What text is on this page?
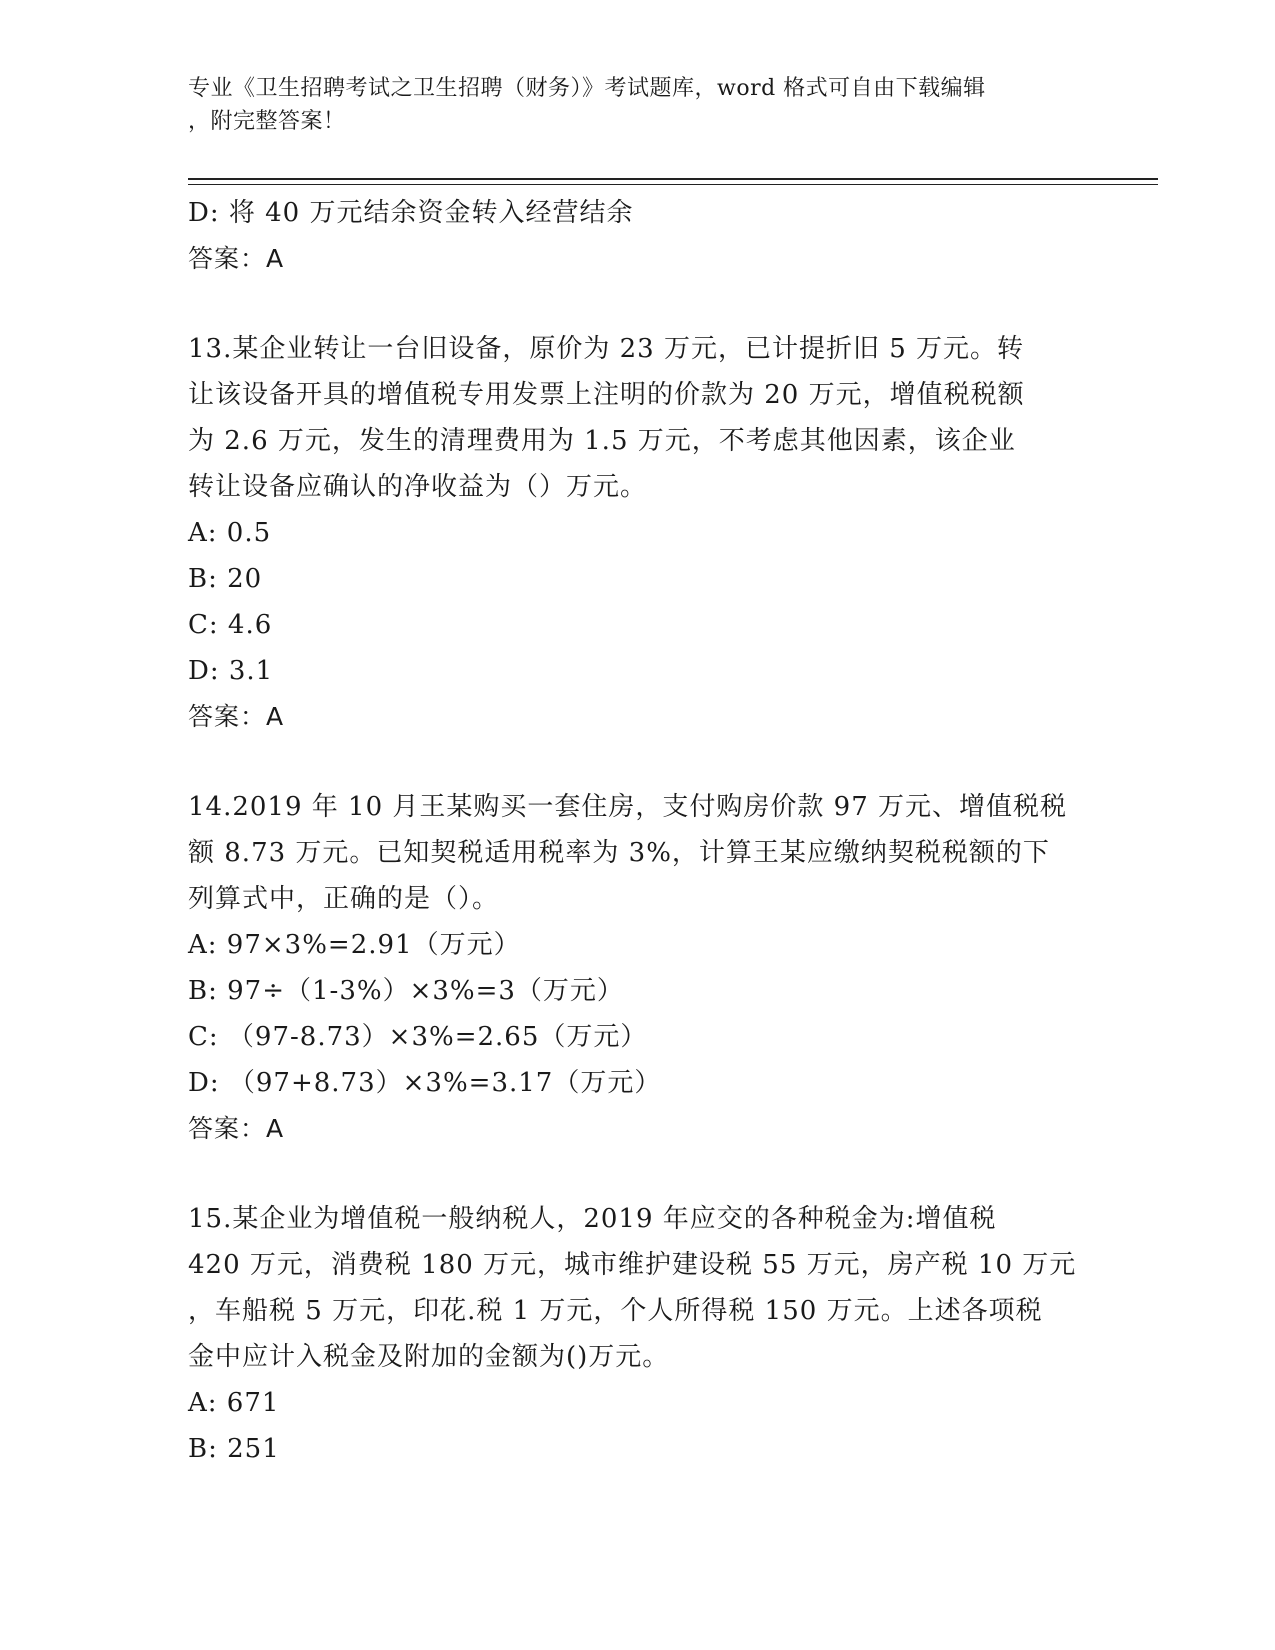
专业《卫生招聘考试之卫生招聘（财务）》考试题库，word 格式可自由下载编辑
，附完整答案！
D: 将 40 万元结余资金转入经营结余
答案：A
13.某企业转让一台旧设备，原价为 23 万元，已计提折旧 5 万元。转
让该设备开具的增值税专用发票上注明的价款为 20 万元，增值税税额
为 2.6 万元，发生的清理费用为 1.5 万元，不考虑其他因素，该企业
转让设备应确认的净收益为（）万元。
A: 0.5
B: 20
C: 4.6
D: 3.1
答案：A
14.2019 年 10 月王某购买一套住房，支付购房价款 97 万元、增值税税
额 8.73 万元。已知契税适用税率为 3%，计算王某应缴纳契税税额的下
列算式中，正确的是（）。
A: 97×3%=2.91（万元）
B: 97÷（1-3%）×3%=3（万元）
C: （97-8.73）×3%=2.65（万元）
D: （97+8.73）×3%=3.17（万元）
答案：A
15.某企业为增值税一般纳税人，2019 年应交的各种税金为:增值税
420 万元，消费税 180 万元，城市维护建设税 55 万元，房产税 10 万元
，车船税 5 万元，印花.税 1 万元，个人所得税 150 万元。上述各项税
金中应计入税金及附加的金额为()万元。
A: 671
B: 251
